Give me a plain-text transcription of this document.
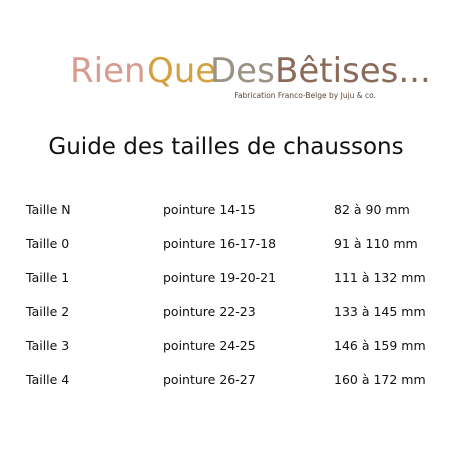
Rien Que
Des Bêtises...
Fabrication Franco-Belge by Juju & co.
Guide des tailles de chaussons
Taille N	pointure 14-15	82 à 90 mm
Taille 0	pointure 16-17-18	91 à 110 mm
Taille 1	pointure 19-20-21	111 à 132 mm
Taille 2	pointure 22-23	133 à 145 mm
Taille 3	pointure 24-25	146 à 159 mm
Taille 4	pointure 26-27	160 à 172 mm
